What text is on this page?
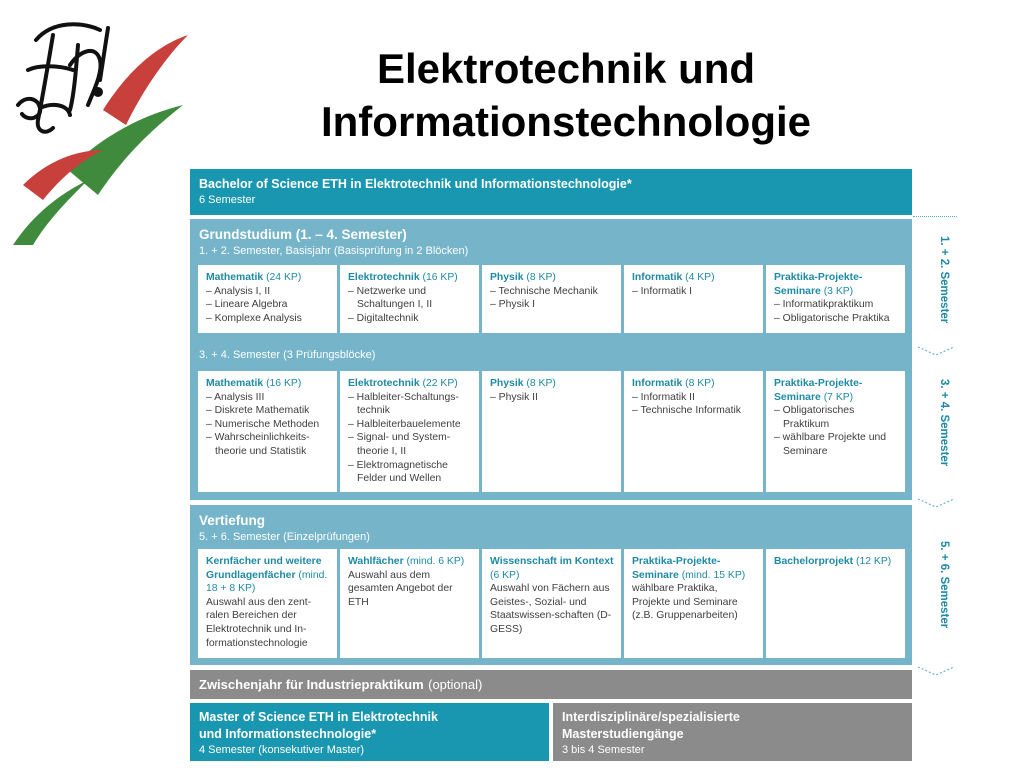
Elektrotechnik und
Informationstechnologie
Bachelor of Science ETH in Elektrotechnik und Informationstechnologie*
6 Semester
Grundstudium (1. – 4. Semester)
1. + 2. Semester, Basisjahr (Basisprüfung in 2 Blöcken)
3. + 4. Semester (3 Prüfungsblöcke)
Mathematik (24 KP)
– Analysis I, II
– Lineare Algebra
– Komplexe Analysis
Elektrotechnik (16 KP)
– Netzwerke und Schaltungen I, II
– Digitaltechnik
Physik (8 KP)
– Technische Mechanik
– Physik I
Informatik (4 KP)
– Informatik I
Praktika-Projekte-Seminare (3 KP)
– Informatikpraktikum
– Obligatorische Praktika
Mathematik (16 KP)
– Analysis III
– Diskrete Mathematik
– Numerische Methoden
– Wahrscheinlichkeits-theorie und Statistik
Elektrotechnik (22 KP)
– Halbleiter-Schaltungs-technik
– Halbleiterbauelemente
– Signal- und System-theorie I, II
– Elektromagnetische Felder und Wellen
Physik (8 KP)
– Physik II
Informatik (8 KP)
– Informatik II
– Technische Informatik
Praktika-Projekte-Seminare (7 KP)
– Obligatorisches Praktikum
– wählbare Projekte und Seminare
Vertiefung
5. + 6. Semester (Einzelprüfungen)
Kernfächer und weitere Grundlagenfächer (mind. 18 + 8 KP)
Auswahl aus den zent-ralen Bereichen der Elektrotechnik und In-formationstechnologie
Wahlfächer (mind. 6 KP)
Auswahl aus dem gesamten Angebot der ETH
Wissenschaft im Kontext (6 KP)
Auswahl von Fächern aus Geistes-, Sozial- und Staatswissen-schaften (D-GESS)
Praktika-Projekte-Seminare (mind. 15 KP)
wählbare Praktika, Projekte und Seminare (z.B. Gruppenarbeiten)
Bachelorprojekt (12 KP)
Zwischenjahr für Industriepraktikum (optional)
Master of Science ETH in Elektrotechnik
und Informationstechnologie*
4 Semester (konsekutiver Master)
Interdisziplinäre/spezialisierte
Masterstudiengänge
3 bis 4 Semester
1. + 2. Semester
3. + 4. Semester
5. + 6. Semester
